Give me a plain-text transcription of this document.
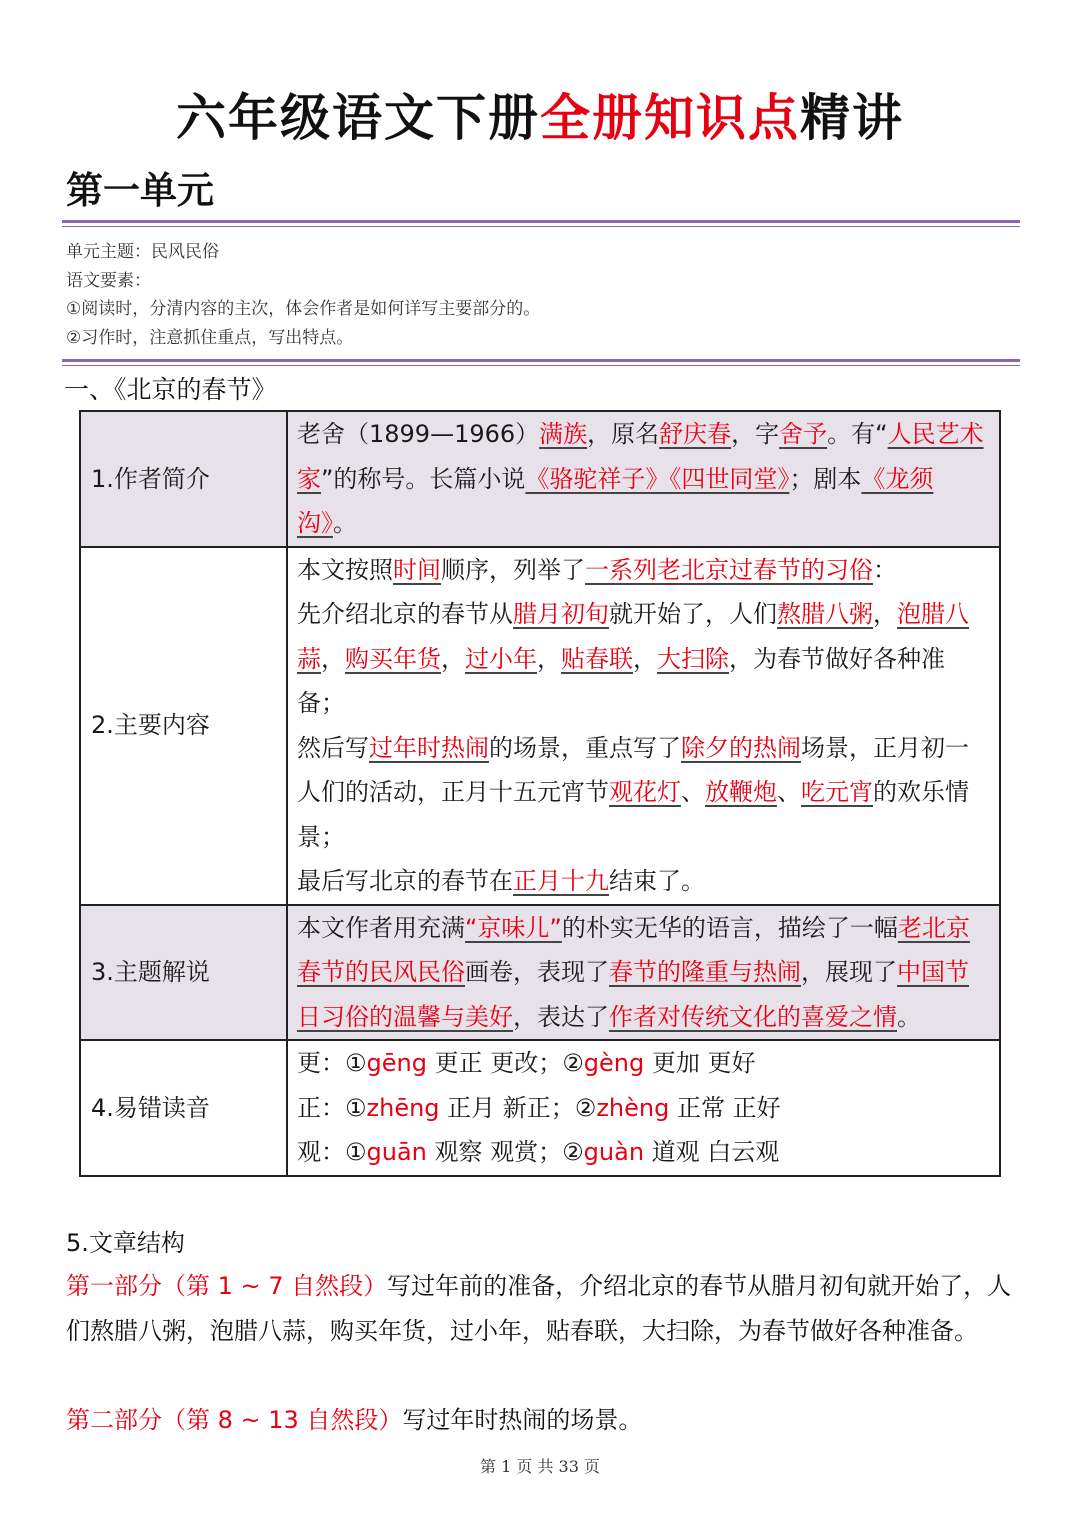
六年级语文下册全册知识点精讲
第一单元
单元主题：民风民俗
语文要素：
①阅读时，分清内容的主次，体会作者是如何详写主要部分的。
②习作时，注意抓住重点，写出特点。
一、《北京的春节》
1.作者简介	老舍（1899—1966）满族，原名舒庆春，字舍予。有“人民艺术家”的称号。长篇小说《骆驼祥子》《四世同堂》；剧本《龙须沟》。
2.主要内容	本文按照时间顺序，列举了一系列老北京过春节的习俗：
先介绍北京的春节从腊月初旬就开始了，人们熬腊八粥，泡腊八蒜，购买年货，过小年，贴春联，大扫除，为春节做好各种准备；
然后写过年时热闹的场景，重点写了除夕的热闹场景，正月初一人们的活动，正月十五元宵节观花灯、放鞭炮、吃元宵的欢乐情景；
最后写北京的春节在正月十九结束了。

3.主题解说	本文作者用充满“京味儿”的朴实无华的语言，描绘了一幅老北京春节的民风民俗画卷，表现了春节的隆重与热闹，展现了中国节日习俗的温馨与美好，表达了作者对传统文化的喜爱之情。
4.易错读音	更：①gēng 更正 更改；②gèng 更加 更好
正：①zhēng 正月 新正；②zhèng 正常 正好
观：①guān 观察 观赏；②guàn 道观 白云观
5.文章结构
第一部分（第 1 ~ 7 自然段）写过年前的准备，介绍北京的春节从腊月初旬就开始了，人们熬腊八粥，泡腊八蒜，购买年货，过小年，贴春联，大扫除，为春节做好各种准备。
第二部分（第 8 ~ 13 自然段）写过年时热闹的场景。
第 1 页 共 33 页
